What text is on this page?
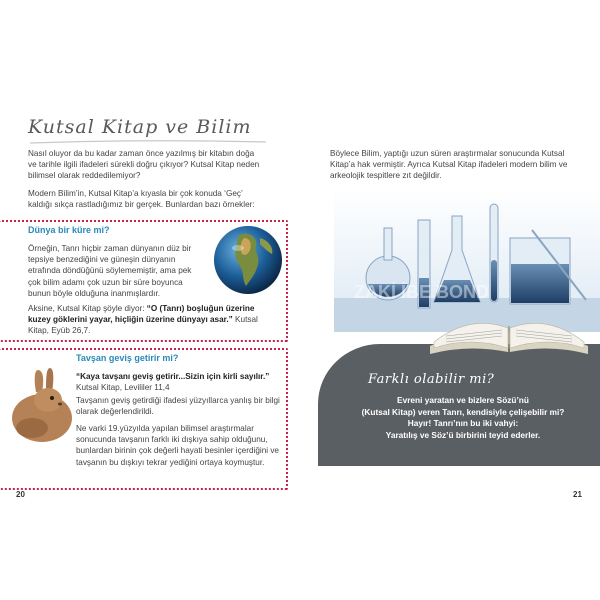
Kutsal Kitap ve Bilim

Nasıl oluyor da bu kadar zaman önce yazılmış bir kitabın doğa ve tarihle ilgili ifadeleri sürekli doğru çıkıyor? Kutsal Kitap neden bilimsel olarak reddedilemiyor?

Modern Bilim’in, Kutsal Kitap’a kıyasla bir çok konuda ‘Geç’ kaldığı sıkça rastladığımız bir gerçek. Bunlardan bazı örnekler:

Dünya bir küre mi?

Örneğin, Tanrı hiçbir zaman dünyanın düz bir tepsiye benzediğini ve güneşin dünyanın etrafında döndüğünü söylememiştir, ama pek çok bilim adamı çok uzun bir süre boyunca bunun böyle olduğuna inanmışlardır.

Aksine, Kutsal Kitap şöyle diyor: “O (Tanrı) boşluğun üzerine kuzey göklerini yayar, hiçliğin üzerine dünyayı asar.” Kutsal Kitap, Eyüb 26,7.

Tavşan geviş getirir mi?

“Kaya tavşanı geviş getirir...Sizin için kirli sayılır.” Kutsal Kitap, Levililer 11,4

Tavşanın geviş getirdiği ifadesi yüzyıllarca yanlış bir bilgi olarak değerlendirildi.

Ne varki 19.yüzyılda yapılan bilimsel araştırmalar sonucunda tavşanın farklı iki dışkıya sahip olduğunu, bunlardan birinin çok değerli hayati besinler içerdiğini ve tavşanın bu dışkıyı tekrar yediğini ortaya koymuştur.

20

Böylece Bilim, yaptığı uzun süren araştırmalar sonucunda Kutsal Kitap’a hak vermiştir. Ayrıca Kutsal Kitap ifadeleri modern bilim ve arkeolojik tespitlere zıt değildir.

ZAKİ İBE BOND
Farklı olabilir mi?

Evreni yaratan ve bizlere Sözü’nü
(Kutsal Kitap) veren Tanrı, kendisiyle çelişebilir mi?
Hayır! Tanrı’nın bu iki vahyi:
Yaratılış ve Söz’ü birbirini teyid ederler.

21
